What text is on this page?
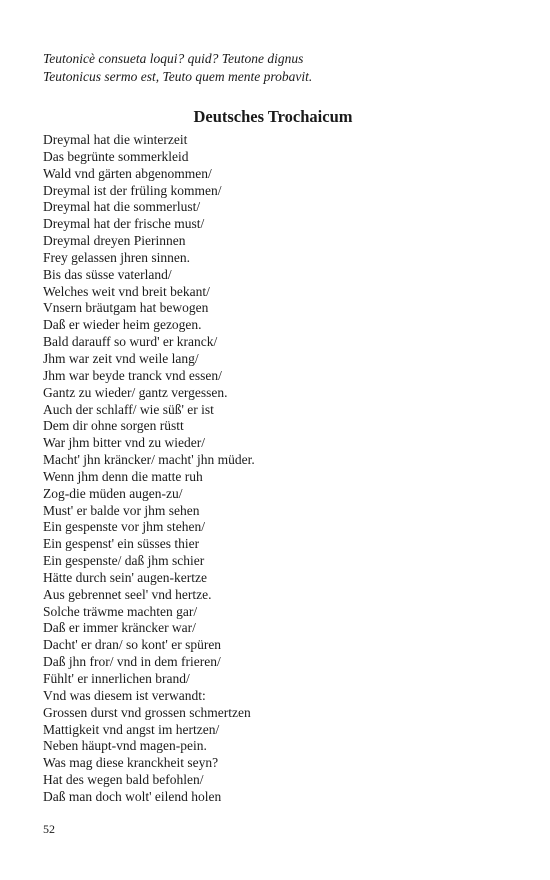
Teutonicè consueta loqui? quid? Teutone dignus
Teutonicus sermo est, Teuto quem mente probavit.
Deutsches Trochaicum
Dreymal hat die winterzeit
Das begrünte sommerkleid
Wald vnd gärten abgenommen/
Dreymal ist der früling kommen/
Dreymal hat die sommerlust/
Dreymal hat der frische must/
Dreymal dreyen Pierinnen
Frey gelassen jhren sinnen.
Bis das süsse vaterland/
Welches weit vnd breit bekant/
Vnsern bräutgam hat bewogen
Daß er wieder heim gezogen.
Bald darauff so wurd' er kranck/
Jhm war zeit vnd weile lang/
Jhm war beyde tranck vnd essen/
Gantz zu wieder/ gantz vergessen.
Auch der schlaff/ wie süß' er ist
Dem dir ohne sorgen rüstt
War jhm bitter vnd zu wieder/
Macht' jhn kräncker/ macht' jhn müder.
Wenn jhm denn die matte ruh
Zog-die müden augen-zu/
Must' er balde vor jhm sehen
Ein gespenste vor jhm stehen/
Ein gespenst' ein süsses thier
Ein gespenste/ daß jhm schier
Hätte durch sein' augen-kertze
Aus gebrennet seel' vnd hertze.
Solche träwme machten gar/
Daß er immer kräncker war/
Dacht' er dran/ so kont' er spüren
Daß jhn fror/ vnd in dem frieren/
Fühlt' er innerlichen brand/
Vnd was diesem ist verwandt:
Grossen durst vnd grossen schmertzen
Mattigkeit vnd angst im hertzen/
Neben häupt-vnd magen-pein.
Was mag diese kranckheit seyn?
Hat des wegen bald befohlen/
Daß man doch wolt' eilend holen
52
